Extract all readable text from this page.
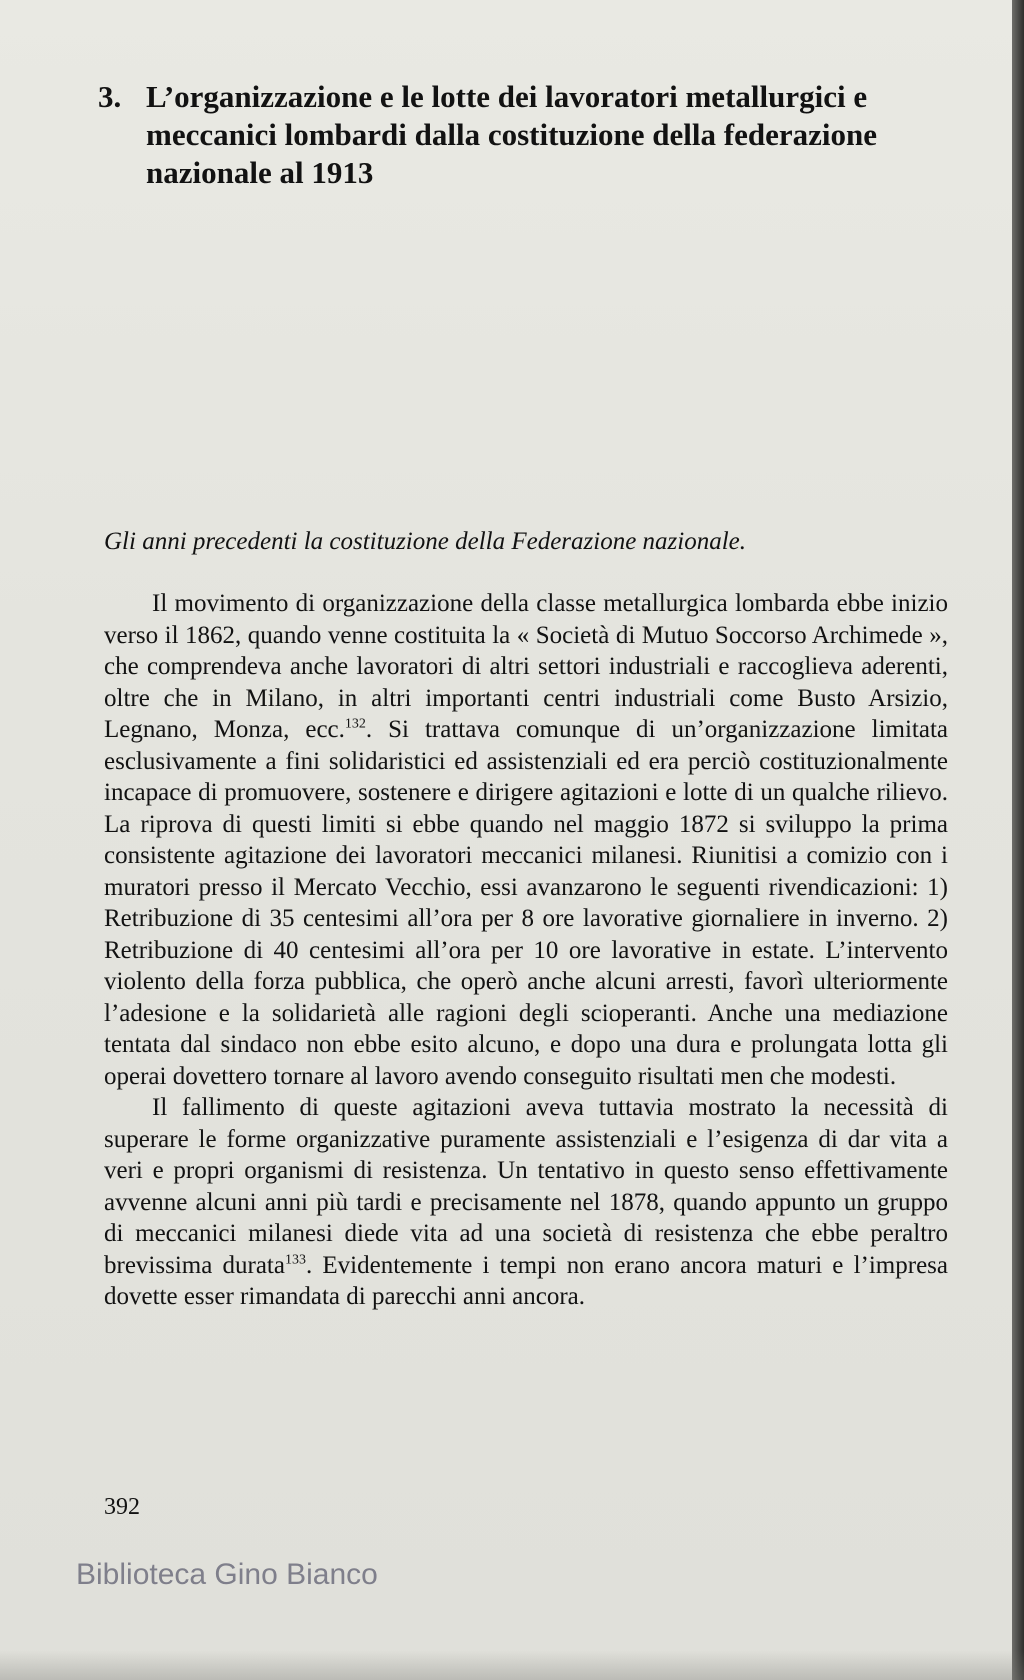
3. L’organizzazione e le lotte dei lavoratori metallurgici e meccanici lombardi dalla costituzione della federazione nazionale al 1913
Gli anni precedenti la costituzione della Federazione nazionale.

Il movimento di organizzazione della classe metallurgica lombarda ebbe inizio verso il 1862, quando venne costituita la « Società di Mutuo Soccorso Archimede », che comprendeva anche lavoratori di altri settori industriali e raccoglieva aderenti, oltre che in Milano, in altri importanti centri industriali come Busto Arsizio, Legnano, Monza, ecc.$^{132}$. Si trattava comunque di un’organizzazione limitata esclusivamente a fini solidaristici ed assistenziali ed era perciò costituzionalmente incapace di promuovere, sostenere e dirigere agitazioni e lotte di un qualche rilievo. La riprova di questi limiti si ebbe quando nel maggio 1872 si sviluppo la prima consistente agitazione dei lavoratori meccanici milanesi. Riunitisi a comizio con i muratori presso il Mercato Vecchio, essi avanzarono le seguenti rivendicazioni: 1) Retribuzione di 35 centesimi all’ora per 8 ore lavorative giornaliere in inverno. 2) Retribuzione di 40 centesimi all’ora per 10 ore lavorative in estate. L’intervento violento della forza pubblica, che operò anche alcuni arresti, favorì ulteriormente l’adesione e la solidarietà alle ragioni degli scioperanti. Anche una mediazione tentata dal sindaco non ebbe esito alcuno, e dopo una dura e prolungata lotta gli operai dovettero tornare al lavoro avendo conseguito risultati men che modesti.

Il fallimento di queste agitazioni aveva tuttavia mostrato la necessità di superare le forme organizzative puramente assistenziali e l’esigenza di dar vita a veri e propri organismi di resistenza. Un tentativo in questo senso effettivamente avvenne alcuni anni più tardi e precisamente nel 1878, quando appunto un gruppo di meccanici milanesi diede vita ad una società di resistenza che ebbe peraltro brevissima durata$^{133}$. Evidentemente i tempi non erano ancora maturi e l’impresa dovette esser rimandata di parecchi anni ancora.

392
Biblioteca Gino Bianco
